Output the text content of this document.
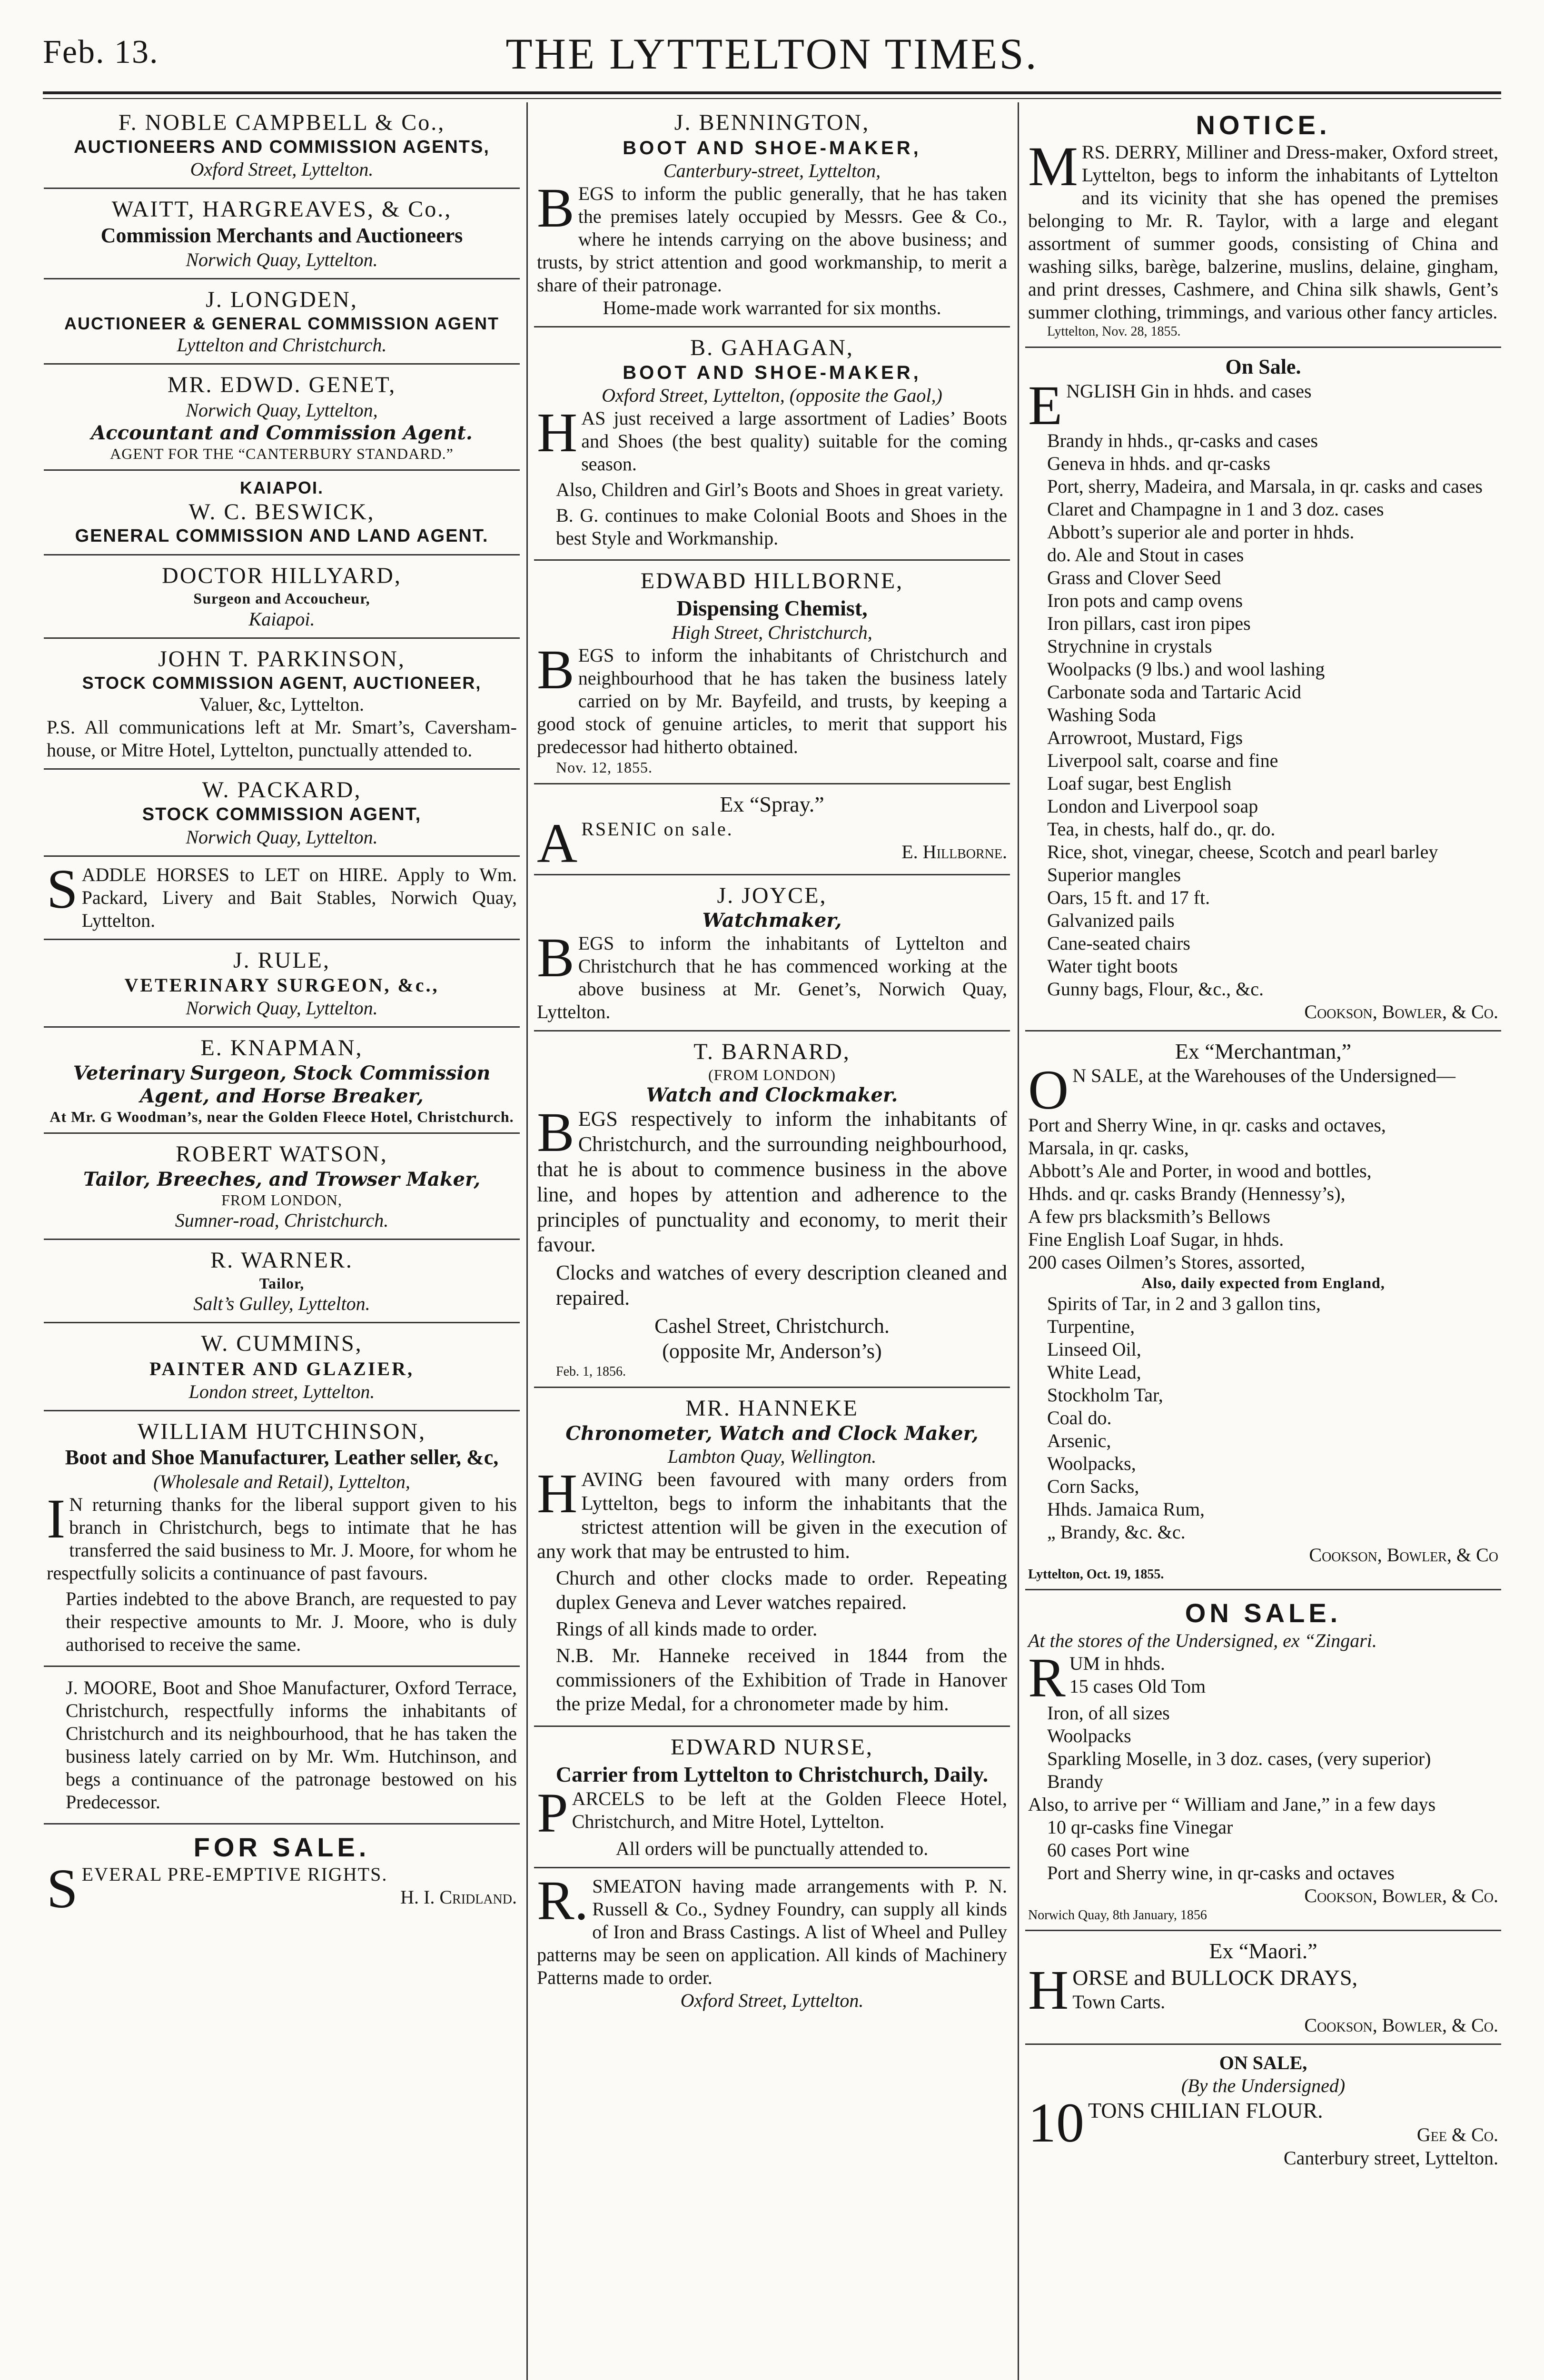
Feb. 13.	THE LYTTELTON TIMES.
F. NOBLE CAMPBELL & Co.,
AUCTIONEERS AND COMMISSION AGENTS,
Oxford Street, Lyttelton.
WAITT, HARGREAVES, & Co.,
Commission Merchants and Auctioneers
Norwich Quay, Lyttelton.
J. LONGDEN,
AUCTIONEER & GENERAL COMMISSION AGENT
Lyttelton and Christchurch.
MR. EDWD. GENET,
Norwich Quay, Lyttelton,
Accountant and Commission Agent.
AGENT FOR THE “CANTERBURY STANDARD.”
KAIAPOI.
W. C. BESWICK,
GENERAL COMMISSION AND LAND AGENT.
DOCTOR HILLYARD,
Surgeon and Accoucheur,
Kaiapoi.
JOHN T. PARKINSON,
STOCK COMMISSION AGENT, AUCTIONEER,
Valuer, &c, Lyttelton.
P.S. All communications left at Mr. Smart’s, Caversham-house, or Mitre Hotel, Lyttelton, punctually attended to.
W. PACKARD,
STOCK COMMISSION AGENT,
Norwich Quay, Lyttelton.
S ADDLE HORSES to LET on HIRE. Apply to Wm. Packard, Livery and Bait Stables, Norwich Quay, Lyttelton.
J. RULE,
VETERINARY SURGEON, &c.,
Norwich Quay, Lyttelton.
E. KNAPMAN,
Veterinary Surgeon, Stock Commission Agent, and Horse Breaker,
At Mr. G Woodman’s, near the Golden Fleece Hotel, Christchurch.
ROBERT WATSON,
Tailor, Breeches, and Trowser Maker,
FROM LONDON,
Sumner-road, Christchurch.
R. WARNER.
Tailor,
Salt’s Gulley, Lyttelton.
W. CUMMINS,
PAINTER AND GLAZIER,
London street, Lyttelton.
WILLIAM HUTCHINSON,
Boot and Shoe Manufacturer, Leather seller, &c,
(Wholesale and Retail), Lyttelton,
I N returning thanks for the liberal support given to his branch in Christchurch, begs to intimate that he has transferred the said business to Mr. J. Moore, for whom he respectfully solicits a continuance of past favours.

Parties indebted to the above Branch, are requested to pay their respective amounts to Mr. J. Moore, who is duly authorised to receive the same.

J. MOORE, Boot and Shoe Manufacturer, Oxford Terrace, Christchurch, respectfully informs the inhabitants of Christchurch and its neighbourhood, that he has taken the business lately carried on by Mr. Wm. Hutchinson, and begs a continuance of the patronage bestowed on his Predecessor.

FOR SALE.
S EVERAL PRE-EMPTIVE RIGHTS.
H. I. Cridland.
J. BENNINGTON,
BOOT AND SHOE-MAKER,
Canterbury-street, Lyttelton,
B EGS to inform the public generally, that he has taken the premises lately occupied by Messrs. Gee & Co., where he intends carrying on the above business; and trusts, by strict attention and good workmanship, to merit a share of their patronage.
Home-made work warranted for six months.
B. GAHAGAN,
BOOT AND SHOE-MAKER,
Oxford Street, Lyttelton, (opposite the Gaol,)
H AS just received a large assortment of Ladies’ Boots and Shoes (the best quality) suitable for the coming season.

Also, Children and Girl’s Boots and Shoes in great variety.

B. G. continues to make Colonial Boots and Shoes in the best Style and Workmanship.

EDWABD HILLBORNE,
Dispensing Chemist,
High Street, Christchurch,
B EGS to inform the inhabitants of Christchurch and neighbourhood that he has taken the business lately carried on by Mr. Bayfeild, and trusts, by keeping a good stock of genuine articles, to merit that support his predecessor had hitherto obtained.
Nov. 12, 1855.
Ex “Spray.”
A RSENIC on sale.
E. Hillborne.
J. JOYCE,
Watchmaker,
B EGS to inform the inhabitants of Lyttelton and Christchurch that he has commenced working at the above business at Mr. Genet’s, Norwich Quay, Lyttelton.
T. BARNARD,
(FROM LONDON)
Watch and Clockmaker.
B EGS respectively to inform the inhabitants of Christchurch, and the surrounding neighbourhood, that he is about to commence business in the above line, and hopes by attention and adherence to the principles of punctuality and economy, to merit their favour.

Clocks and watches of every description cleaned and repaired.

Cashel Street, Christchurch.
(opposite Mr, Anderson’s)
Feb. 1, 1856.
MR. HANNEKE
Chronometer, Watch and Clock Maker,
Lambton Quay, Wellington.
H AVING been favoured with many orders from Lyttelton, begs to inform the inhabitants that the strictest attention will be given in the execution of any work that may be entrusted to him.

Church and other clocks made to order. Repeating duplex Geneva and Lever watches repaired.

Rings of all kinds made to order.

N.B. Mr. Hanneke received in 1844 from the commissioners of the Exhibition of Trade in Hanover the prize Medal, for a chronometer made by him.

EDWARD NURSE,
Carrier from Lyttelton to Christchurch, Daily.
P ARCELS to be left at the Golden Fleece Hotel, Christchurch, and Mitre Hotel, Lyttelton.
All orders will be punctually attended to.
R. SMEATON having made arrangements with P. N. Russell & Co., Sydney Foundry, can supply all kinds of Iron and Brass Castings. A list of Wheel and Pulley patterns may be seen on application. All kinds of Machinery Patterns made to order.
Oxford Street, Lyttelton.
NOTICE.
M RS. DERRY, Milliner and Dress-maker, Oxford street, Lyttelton, begs to inform the inhabitants of Lyttelton and its vicinity that she has opened the premises belonging to Mr. R. Taylor, with a large and elegant assortment of summer goods, consisting of China and washing silks, barège, balzerine, muslins, delaine, gingham, and print dresses, Cashmere, and China silk shawls, Gent’s summer clothing, trimmings, and various other fancy articles.
Lyttelton, Nov. 28, 1855.
On Sale.
E NGLISH Gin in hhds. and cases
Brandy in hhds., qr-casks and cases
Geneva in hhds. and qr-casks
Port, sherry, Madeira, and Marsala, in qr. casks and cases
Claret and Champagne in 1 and 3 doz. cases
Abbott’s superior ale and porter in hhds.
do. Ale and Stout in cases
Grass and Clover Seed
Iron pots and camp ovens
Iron pillars, cast iron pipes
Strychnine in crystals
Woolpacks (9 lbs.) and wool lashing
Carbonate soda and Tartaric Acid
Washing Soda
Arrowroot, Mustard, Figs
Liverpool salt, coarse and fine
Loaf sugar, best English
London and Liverpool soap
Tea, in chests, half do., qr. do.
Rice, shot, vinegar, cheese, Scotch and pearl barley
Superior mangles
Oars, 15 ft. and 17 ft.
Galvanized pails
Cane-seated chairs
Water tight boots
Gunny bags, Flour, &c., &c.
Cookson, Bowler, & Co.
Ex “Merchantman,”
O N SALE, at the Warehouses of the Undersigned—
Port and Sherry Wine, in qr. casks and octaves,
Marsala, in qr. casks,
Abbott’s Ale and Porter, in wood and bottles,
Hhds. and qr. casks Brandy (Hennessy’s),
A few prs blacksmith’s Bellows
Fine English Loaf Sugar, in hhds.
200 cases Oilmen’s Stores, assorted,
Also, daily expected from England,
Spirits of Tar, in 2 and 3 gallon tins,
Turpentine,
Linseed Oil,
White Lead,
Stockholm Tar,
Coal do.
Arsenic,
Woolpacks,
Corn Sacks,
Hhds. Jamaica Rum,
„ Brandy, &c. &c.
Cookson, Bowler, & Co
Lyttelton, Oct. 19, 1855.
ON SALE.
At the stores of the Undersigned, ex “Zingari.
R UM in hhds.
15 cases Old Tom
Iron, of all sizes
Woolpacks
Sparkling Moselle, in 3 doz. cases, (very superior)
Brandy
Also, to arrive per “ William and Jane,” in a few days
10 qr-casks fine Vinegar
60 cases Port wine
Port and Sherry wine, in qr-casks and octaves
Cookson, Bowler, & Co.
Norwich Quay, 8th January, 1856
Ex “Maori.”
H ORSE and BULLOCK DRAYS,
Town Carts.
Cookson, Bowler, & Co.
ON SALE,
(By the Undersigned)
10 TONS CHILIAN FLOUR.
Gee & Co.
Canterbury street, Lyttelton.
